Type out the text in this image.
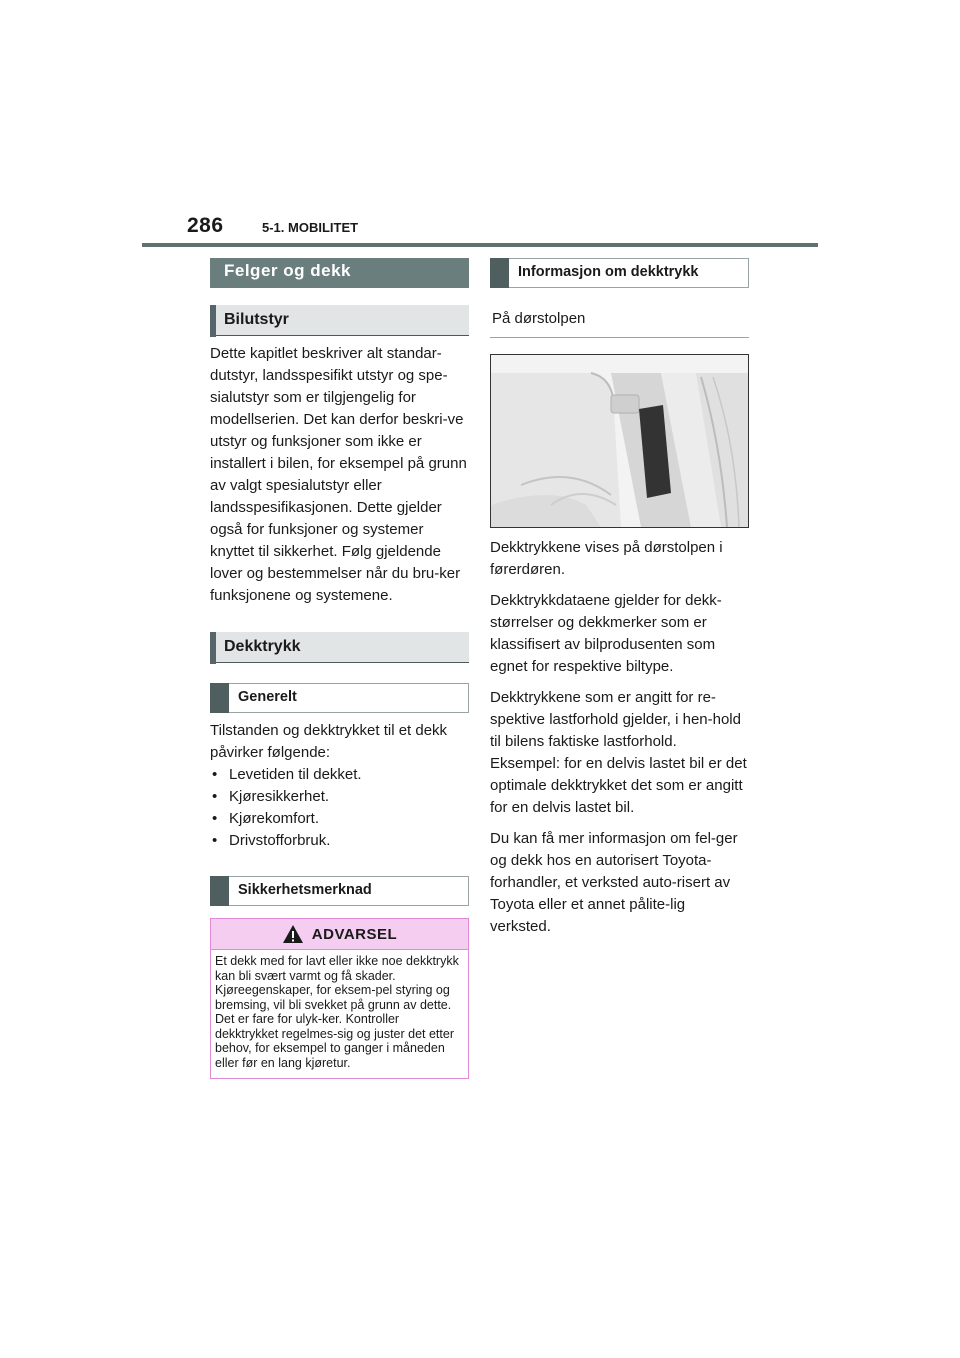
286	5-1. MOBILITET
Felger og dekk
Bilutstyr

Dette kapitlet beskriver alt standar-dutstyr, landsspesifikt utstyr og spe-sialutstyr som er tilgjengelig for modellserien. Det kan derfor beskri-ve utstyr og funksjoner som ikke er installert i bilen, for eksempel på grunn av valgt spesialutstyr eller landsspesifikasjonen. Dette gjelder også for funksjoner og systemer knyttet til sikkerhet. Følg gjeldende lover og bestemmelser når du bru-ker funksjonene og systemene.

Dekktrykk
Generelt

Tilstanden og dekktrykket til et dekk påvirker følgende:

• Levetiden til dekket.
• Kjøresikkerhet.
• Kjørekomfort.
• Drivstofforbruk.
Sikkerhetsmerknad
ADVARSEL

Et dekk med for lavt eller ikke noe dekktrykk kan bli svært varmt og få skader. Kjøreegenskaper, for eksem-pel styring og bremsing, vil bli svekket på grunn av dette. Det er fare for ulyk-ker. Kontroller dekktrykket regelmes-sig og juster det etter behov, for eksempel to ganger i måneden eller før en lang kjøretur.

Informasjon om dekktrykk
På dørstolpen

Dekktrykkene vises på dørstolpen i førerdøren.

Dekktrykkdataene gjelder for dekk-størrelser og dekkmerker som er klassifisert av bilprodusenten som egnet for respektive biltype.

Dekktrykkene som er angitt for re-spektive lastforhold gjelder, i hen-hold til bilens faktiske lastforhold. Eksempel: for en delvis lastet bil er det optimale dekktrykket det som er angitt for en delvis lastet bil.

Du kan få mer informasjon om fel-ger og dekk hos en autorisert Toyota-forhandler, et verksted auto-risert av Toyota eller et annet pålite-lig verksted.
